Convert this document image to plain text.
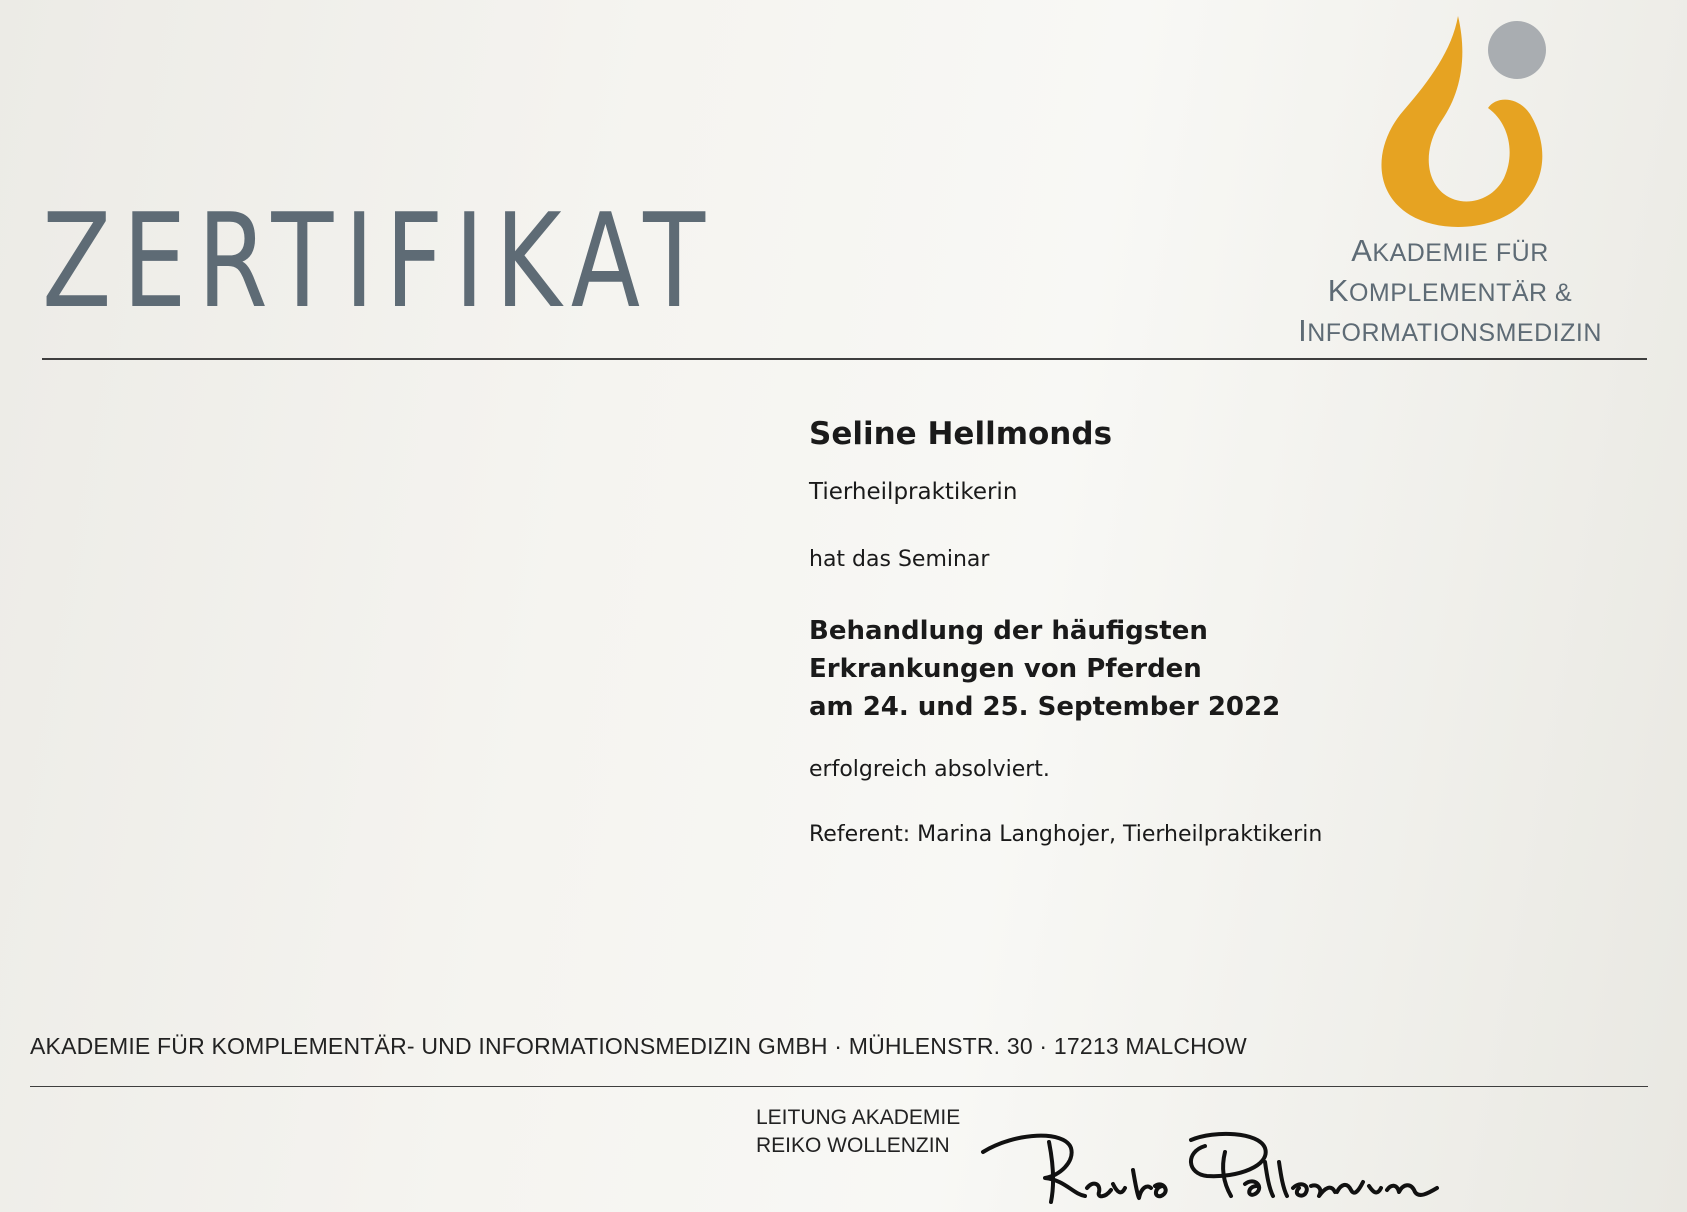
ZERTIFIKAT	AKADEMIE FÜR
KOMPLEMENTÄR &
INFORMATIONSMEDIZIN
Seline Hellmonds
Tierheilpraktikerin
hat das Seminar
Behandlung der häufigsten
Erkrankungen von Pferden
am 24. und 25. September 2022
erfolgreich absolviert.
Referent: Marina Langhojer, Tierheilpraktikerin
AKADEMIE FÜR KOMPLEMENTÄR- UND INFORMATIONSMEDIZIN GMBH · MÜHLENSTR. 30 · 17213 MALCHOW
LEITUNG AKADEMIE
REIKO WOLLENZIN
